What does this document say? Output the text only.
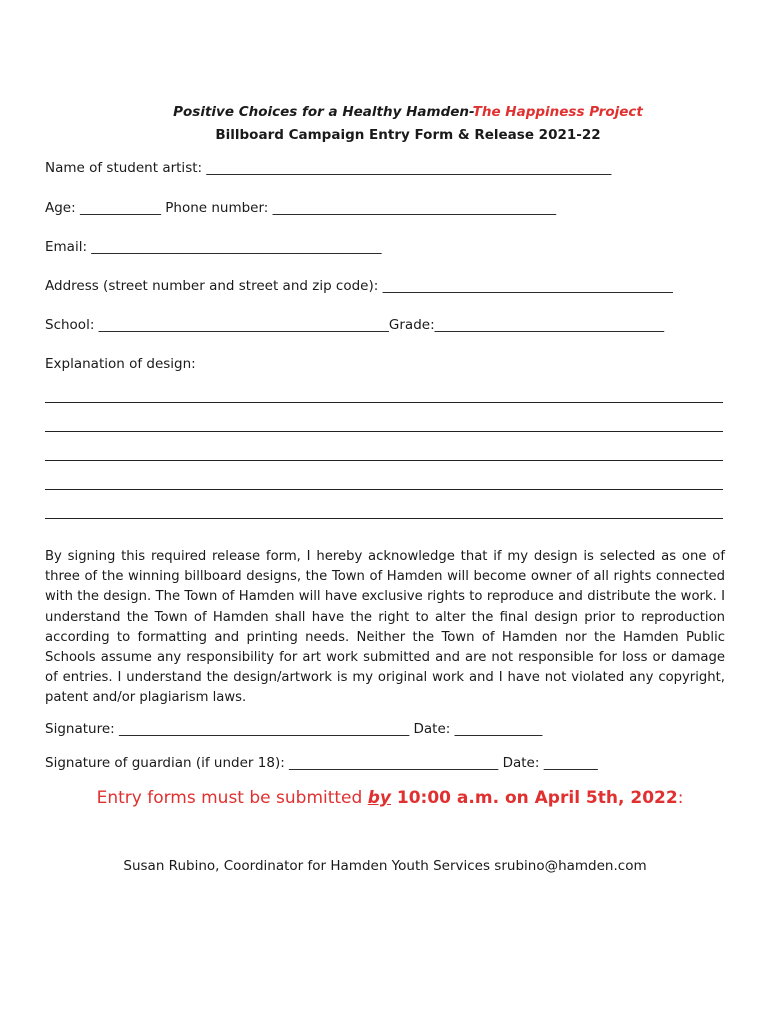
Positive Choices for a Healthy Hamden-The Happiness Project
Billboard Campaign Entry Form & Release 2021-22
Name of student artist: ____________________________________________________________
Age: ____________ Phone number: __________________________________________
Email: ___________________________________________
Address (street number and street and zip code): ___________________________________________
School: ___________________________________________Grade:__________________________________
Explanation of design:
By signing this required release form, I hereby acknowledge that if my design is selected as one of three of the winning billboard designs, the Town of Hamden will become owner of all rights connected with the design. The Town of Hamden will have exclusive rights to reproduce and distribute the work. I understand the Town of Hamden shall have the right to alter the final design prior to reproduction according to formatting and printing needs. Neither the Town of Hamden nor the Hamden Public Schools assume any responsibility for art work submitted and are not responsible for loss or damage of entries. I understand the design/artwork is my original work and I have not violated any copyright, patent and/or plagiarism laws.
Signature: ___________________________________________ Date: _____________
Signature of guardian (if under 18): _______________________________ Date: ________
Entry forms must be submitted by 10:00 a.m. on April 5th, 2022:
Susan Rubino, Coordinator for Hamden Youth Services srubino@hamden.com
